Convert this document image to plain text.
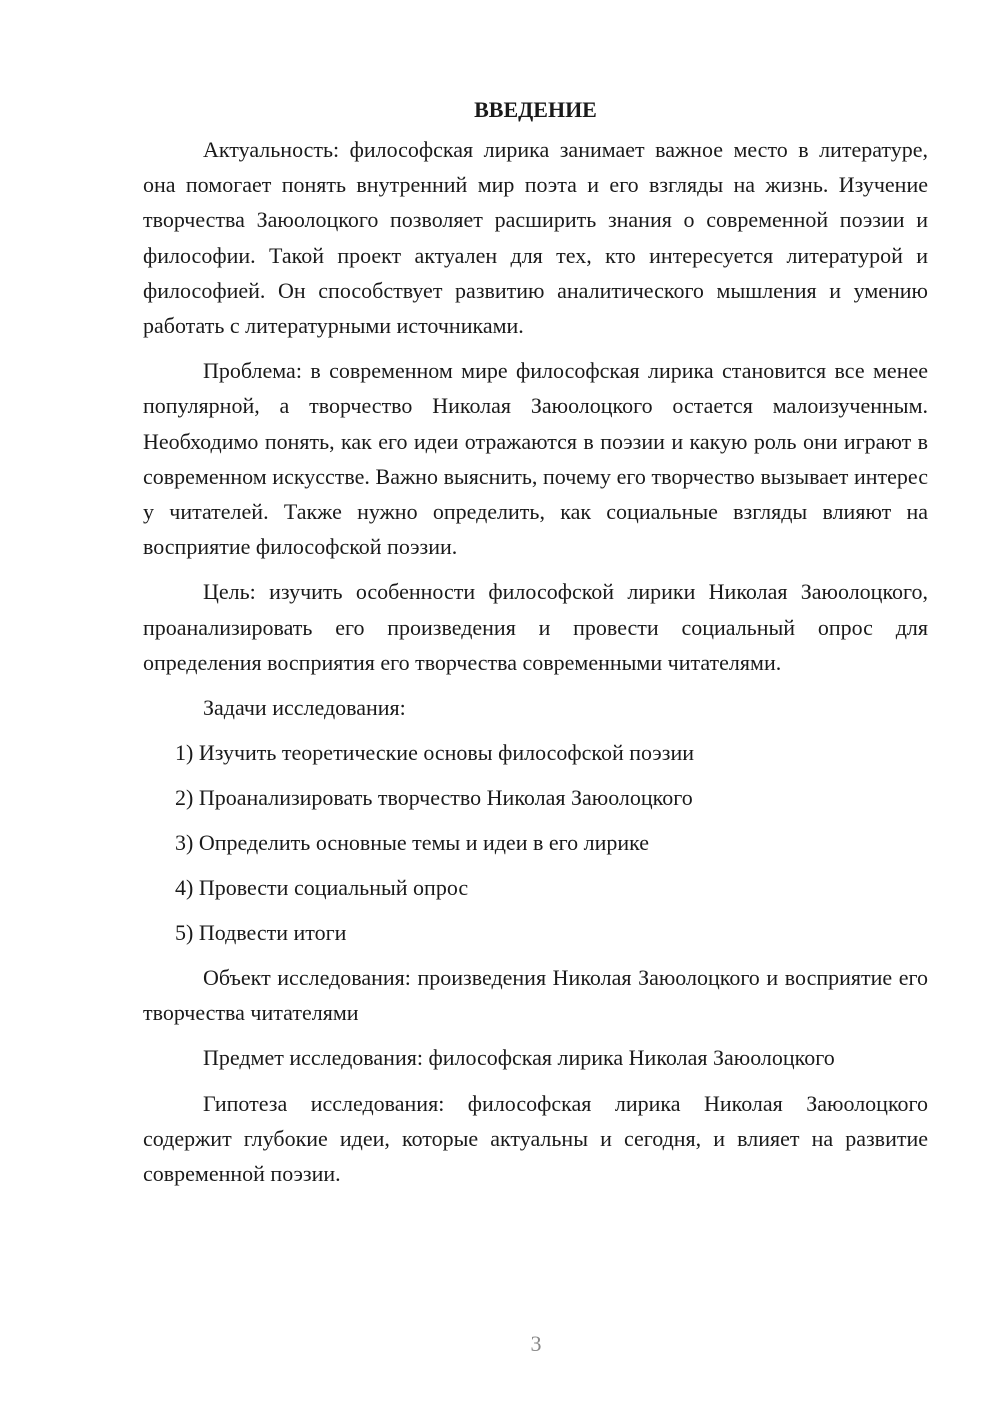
ВВЕДЕНИЕ

Актуальность: философская лирика занимает важное место в литературе, она помогает понять внутренний мир поэта и его взгляды на жизнь. Изучение творчества Заюолоцкого позволяет расширить знания о современной поэзии и философии. Такой проект актуален для тех, кто интересуется литературой и философией. Он способствует развитию аналитического мышления и умению работать с литературными источниками.

Проблема: в современном мире философская лирика становится все менее популярной, а творчество Николая Заюолоцкого остается малоизученным. Необходимо понять, как его идеи отражаются в поэзии и какую роль они играют в современном искусстве. Важно выяснить, почему его творчество вызывает интерес у читателей. Также нужно определить, как социальные взгляды влияют на восприятие философской поэзии.

Цель: изучить особенности философской лирики Николая Заюолоцкого, проанализировать его произведения и провести социальный опрос для определения восприятия его творчества современными читателями.

Задачи исследования:

1) Изучить теоретические основы философской поэзии
2) Проанализировать творчество Николая Заюолоцкого
3) Определить основные темы и идеи в его лирике
4) Провести социальный опрос
5) Подвести итоги

Объект исследования: произведения Николая Заюолоцкого и восприятие его творчества читателями

Предмет исследования: философская лирика Николая Заюолоцкого

Гипотеза исследования: философская лирика Николая Заюолоцкого содержит глубокие идеи, которые актуальны и сегодня, и влияет на развитие современной поэзии.

3
